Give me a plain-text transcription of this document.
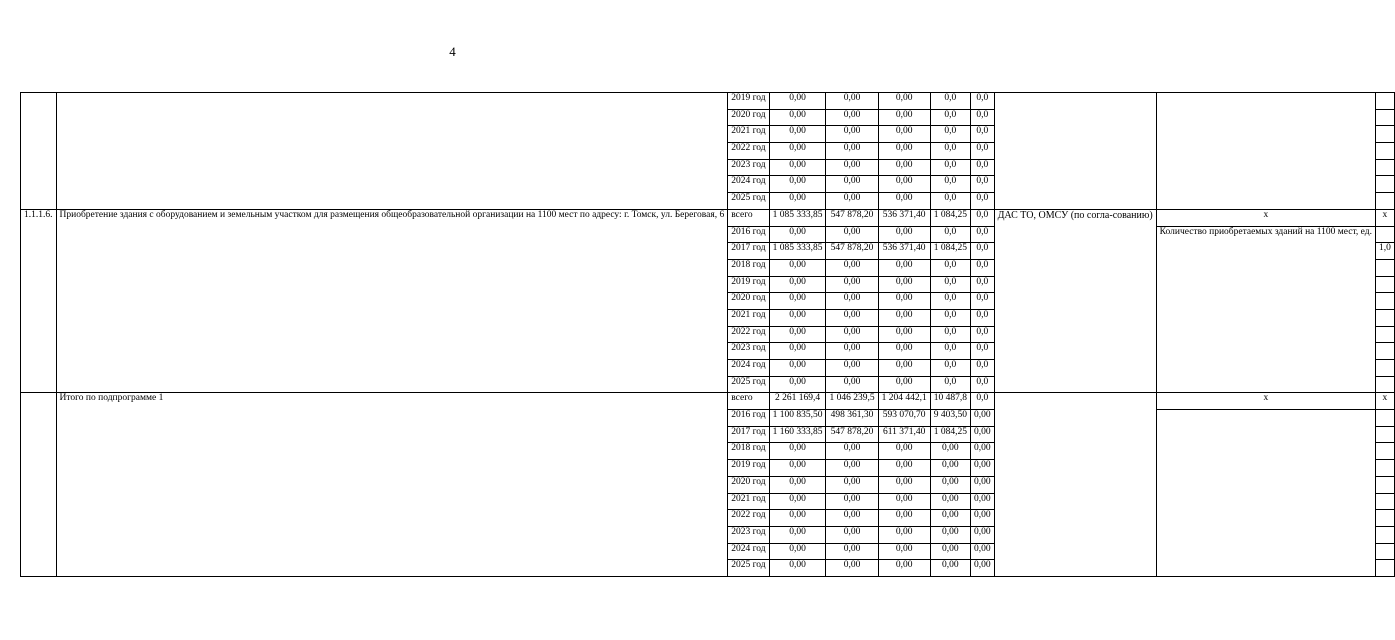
4
		2019 год	0,00	0,00	0,00	0,0	0,0			
		2020 год	0,00	0,00	0,00	0,0	0,0			
		2021 год	0,00	0,00	0,00	0,0	0,0			
		2022 год	0,00	0,00	0,00	0,0	0,0			
		2023 год	0,00	0,00	0,00	0,0	0,0			
		2024 год	0,00	0,00	0,00	0,0	0,0			
		2025 год	0,00	0,00	0,00	0,0	0,0			
1.1.1.6.	Приобретение здания с оборудованием и земельным участком для размещения общеобразовательной организации на 1100 мест по адресу: г. Томск, ул. Береговая, 6	всего	1 085 333,85	547 878,20	536 371,40	1 084,25	0,0	ДАС ТО, ОМСУ (по согла-сованию)	х	х
		2016 год	0,00	0,00	0,00	0,0	0,0		Количество приобретаемых зданий на 1100 мест, ед.	
		2017 год	1 085 333,85	547 878,20	536 371,40	1 084,25	0,0			1,0
		2018 год	0,00	0,00	0,00	0,0	0,0			
		2019 год	0,00	0,00	0,00	0,0	0,0			
		2020 год	0,00	0,00	0,00	0,0	0,0			
		2021 год	0,00	0,00	0,00	0,0	0,0			
		2022 год	0,00	0,00	0,00	0,0	0,0			
		2023 год	0,00	0,00	0,00	0,0	0,0			
		2024 год	0,00	0,00	0,00	0,0	0,0			
		2025 год	0,00	0,00	0,00	0,0	0,0			
	Итого по подпрограмме 1	всего	2 261 169,4	1 046 239,5	1 204 442,1	10 487,8	0,0		х	х
		2016 год	1 100 835,50	498 361,30	593 070,70	9 403,50	0,00			
		2017 год	1 160 333,85	547 878,20	611 371,40	1 084,25	0,00			
		2018 год	0,00	0,00	0,00	0,00	0,00			
		2019 год	0,00	0,00	0,00	0,00	0,00			
		2020 год	0,00	0,00	0,00	0,00	0,00			
		2021 год	0,00	0,00	0,00	0,00	0,00			
		2022 год	0,00	0,00	0,00	0,00	0,00			
		2023 год	0,00	0,00	0,00	0,00	0,00			
		2024 год	0,00	0,00	0,00	0,00	0,00			
		2025 год	0,00	0,00	0,00	0,00	0,00			
